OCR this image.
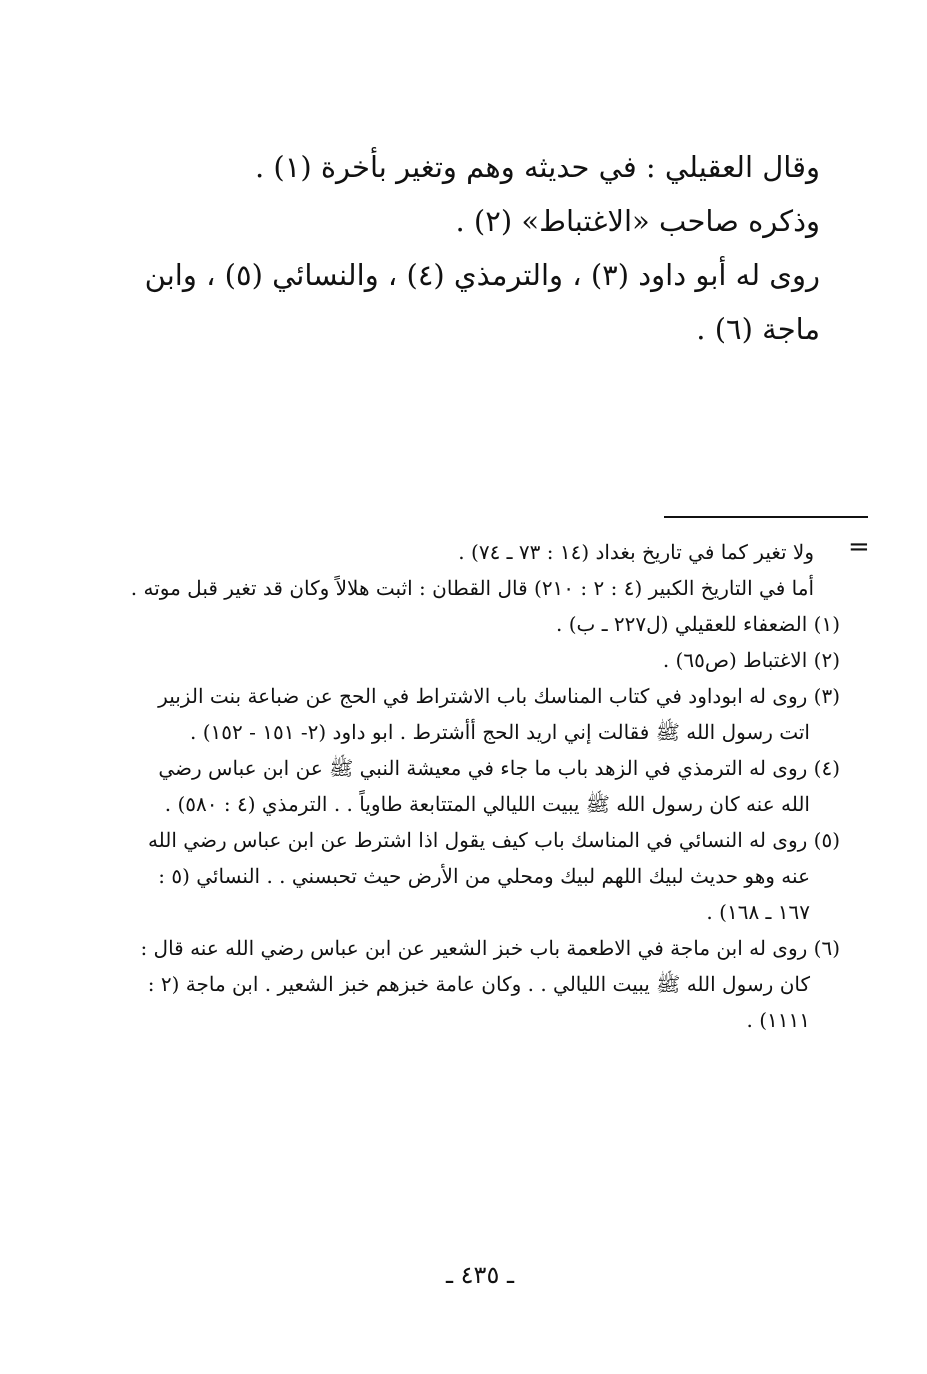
وقال العقيلي : في حديثه وهم وتغير بأخرة (١) .

وذكره صاحب «الاغتباط» (٢) .

روى له أبو داود (٣) ، والترمذي (٤) ، والنسائي (٥) ، وابن ماجة (٦) .

=

ولا تغير كما في تاريخ بغداد (١٤ : ٧٣ ـ ٧٤) .

أما في التاريخ الكبير (٤ : ٢ : ٢١٠) قال القطان : اثبت هلالاً وكان قد تغير قبل موته .

(١) الضعفاء للعقيلي (ل٢٢٧ ـ ب) .

(٢) الاغتباط (ص٦٥) .

(٣) روى له ابوداود في كتاب المناسك باب الاشتراط في الحج عن ضباعة بنت الزبير اتت رسول الله ﷺ فقالت إني اريد الحج أأشترط . ابو داود (٢- ١٥١ - ١٥٢) .

(٤) روى له الترمذي في الزهد باب ما جاء في معيشة النبي ﷺ عن ابن عباس رضي الله عنه كان رسول الله ﷺ يبيت الليالي المتتابعة طاوياً . . الترمذي (٤ : ٥٨٠) .

(٥) روى له النسائي في المناسك باب كيف يقول اذا اشترط عن ابن عباس رضي الله عنه وهو حديث لبيك اللهم لبيك ومحلي من الأرض حيث تحبسني . . النسائي (٥ : ١٦٧ ـ ١٦٨) .

(٦) روى له ابن ماجة في الاطعمة باب خبز الشعير عن ابن عباس رضي الله عنه قال : كان رسول الله ﷺ يبيت الليالي . . وكان عامة خبزهم خبز الشعير . ابن ماجة (٢ : ١١١١) .

ـ ٤٣٥ ـ
